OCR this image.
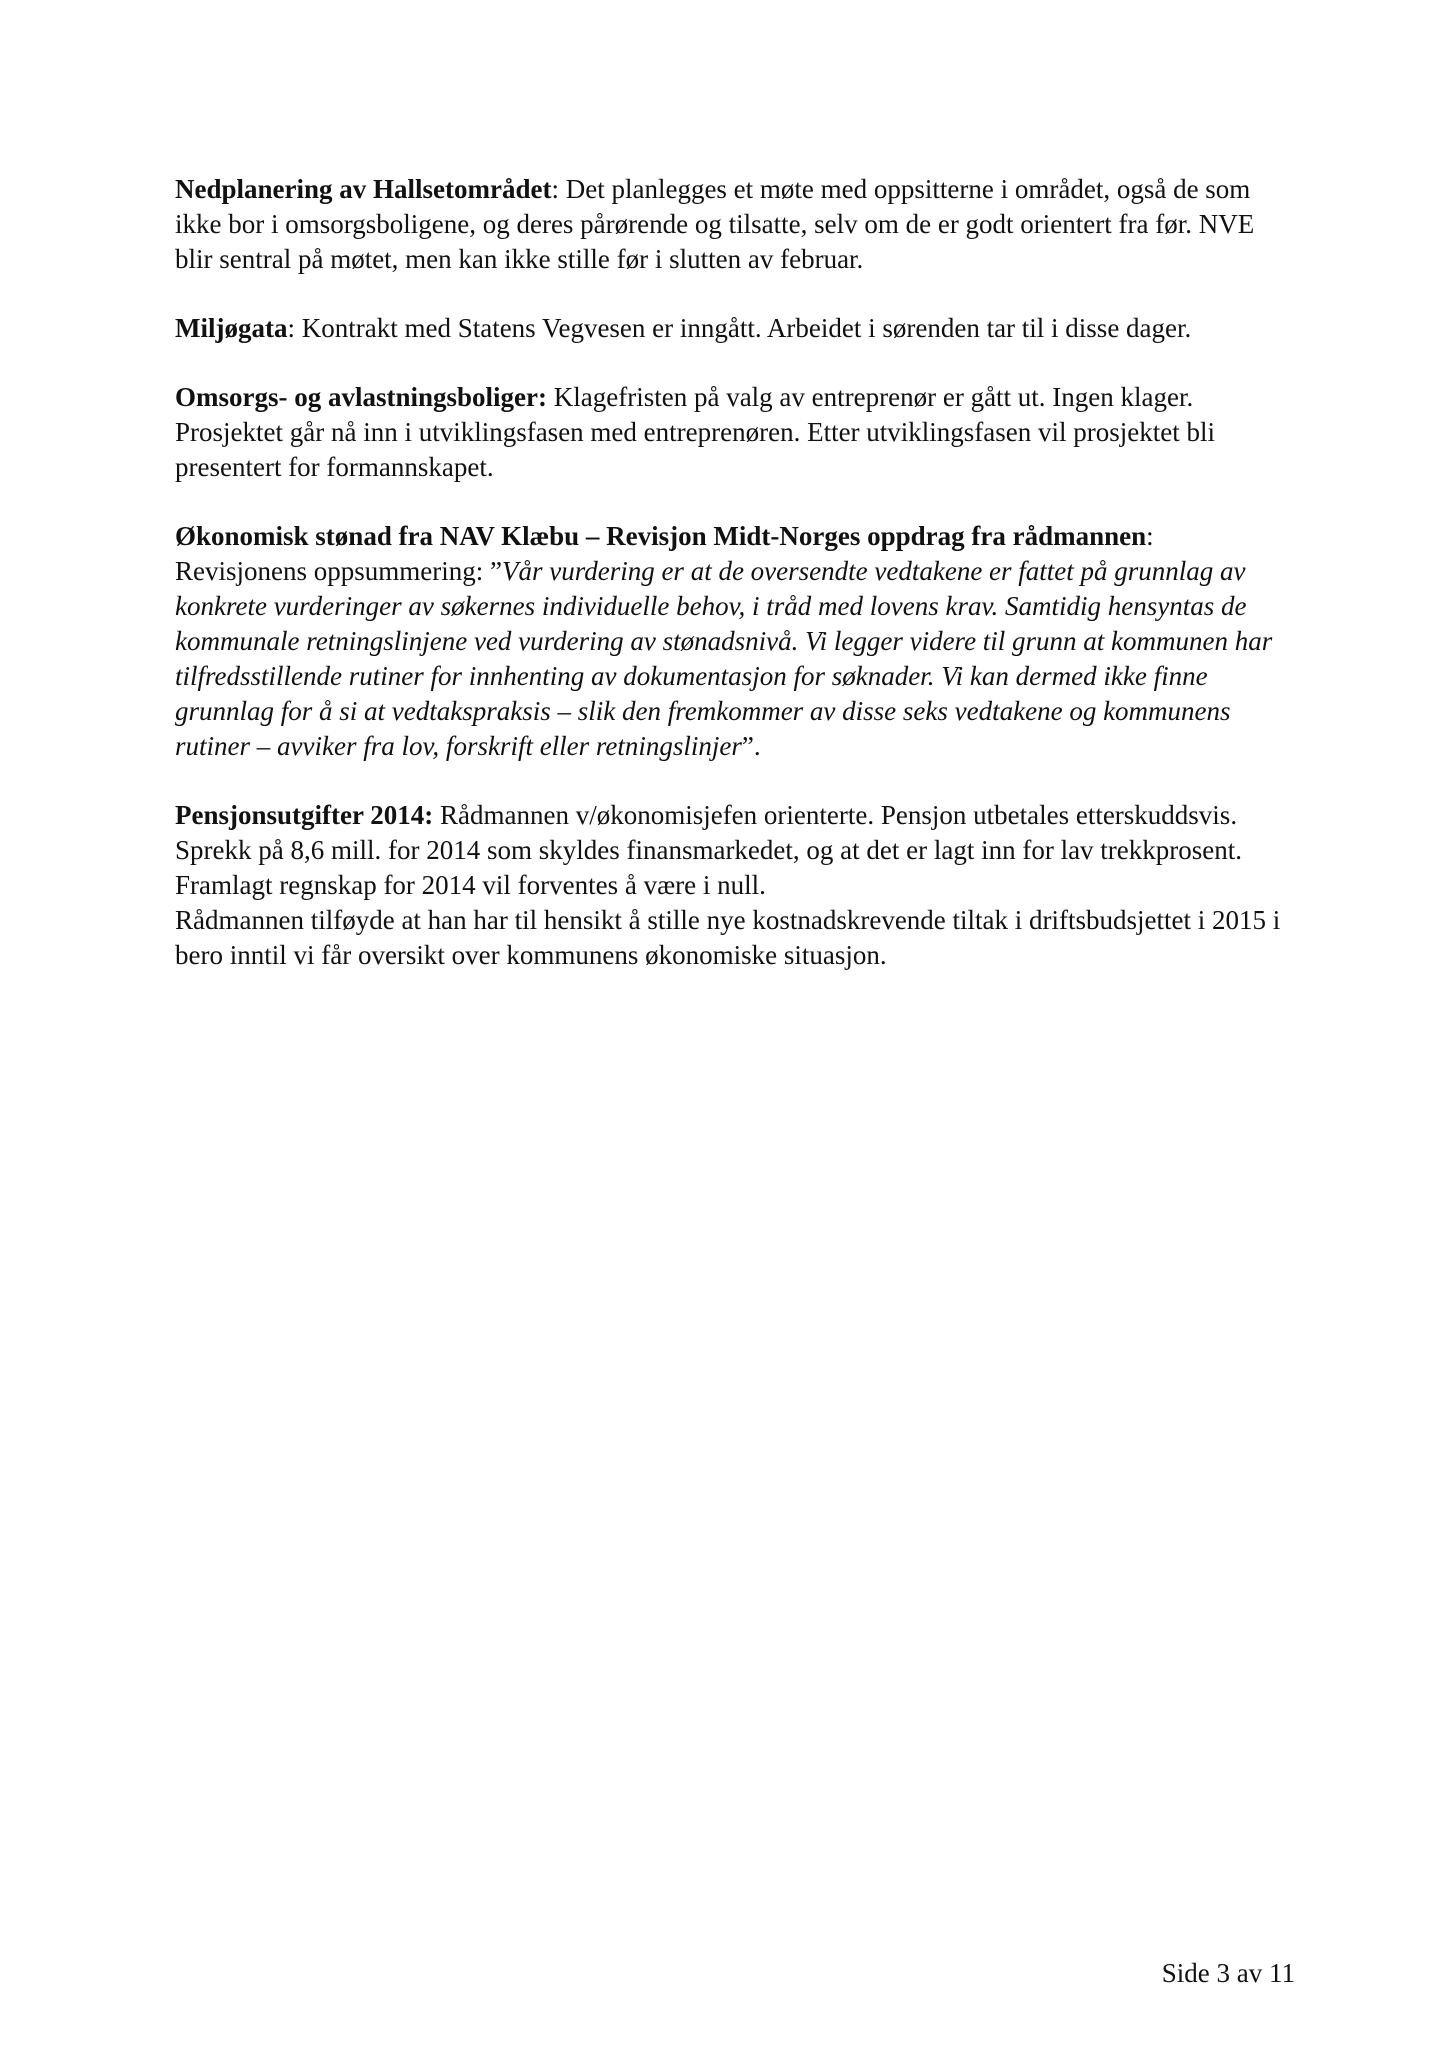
Nedplanering av Hallsetområdet: Det planlegges et møte med oppsitterne i området, også de som ikke bor i omsorgsboligene, og deres pårørende og tilsatte, selv om de er godt orientert fra før. NVE blir sentral på møtet, men kan ikke stille før i slutten av februar.

Miljøgata: Kontrakt med Statens Vegvesen er inngått. Arbeidet i sørenden tar til i disse dager.

Omsorgs- og avlastningsboliger: Klagefristen på valg av entreprenør er gått ut. Ingen klager. Prosjektet går nå inn i utviklingsfasen med entreprenøren. Etter utviklingsfasen vil prosjektet bli presentert for formannskapet.

Økonomisk stønad fra NAV Klæbu – Revisjon Midt-Norges oppdrag fra rådmannen:
Revisjonens oppsummering: ”Vår vurdering er at de oversendte vedtakene er fattet på grunnlag av konkrete vurderinger av søkernes individuelle behov, i tråd med lovens krav. Samtidig hensyntas de kommunale retningslinjene ved vurdering av stønadsnivå. Vi legger videre til grunn at kommunen har tilfredsstillende rutiner for innhenting av dokumentasjon for søknader. Vi kan dermed ikke finne grunnlag for å si at vedtakspraksis – slik den fremkommer av disse seks vedtakene og kommunens rutiner – avviker fra lov, forskrift eller retningslinjer”.

Pensjonsutgifter 2014: Rådmannen v/økonomisjefen orienterte. Pensjon utbetales etterskuddsvis. Sprekk på 8,6 mill. for 2014 som skyldes finansmarkedet, og at det er lagt inn for lav trekkprosent. Framlagt regnskap for 2014 vil forventes å være i null.
Rådmannen tilføyde at han har til hensikt å stille nye kostnadskrevende tiltak i driftsbudsjettet i 2015 i bero inntil vi får oversikt over kommunens økonomiske situasjon.

Side 3 av 11
